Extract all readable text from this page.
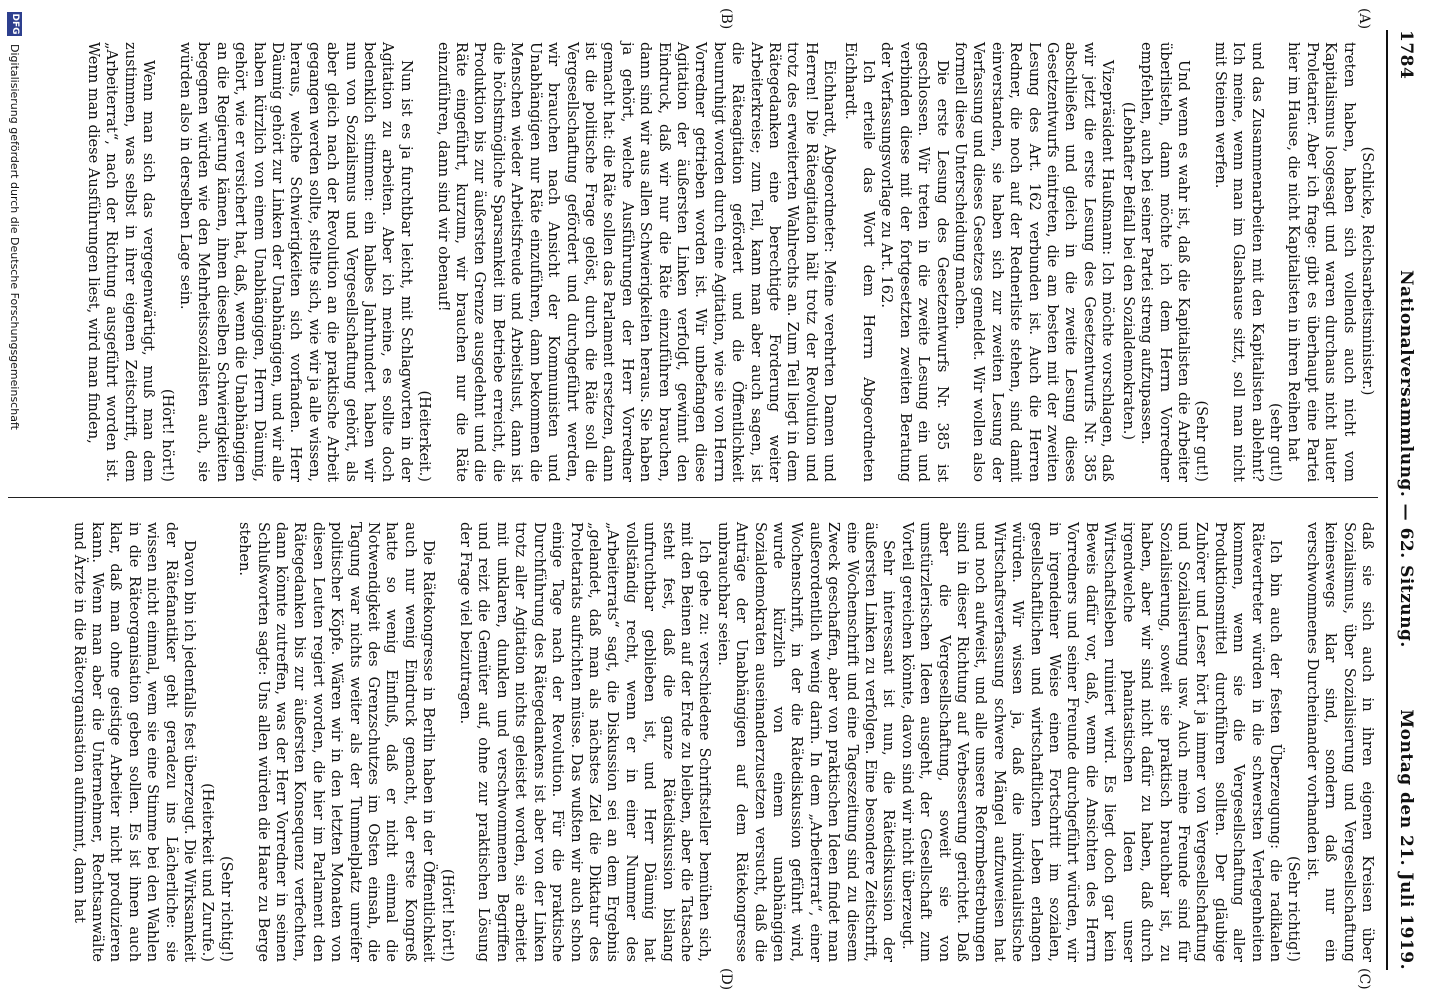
1784
Nationalversammlung. — 62. Sitzung.
Montag den 21. Juli 1919.
(A)
(B)
(C)
(D)

(Schlicke, Reichsarbeitsminister.)

treten haben, haben sich vollends auch nicht vom Kapitalismus losgesagt und waren durchaus nicht lauter Proletarier. Aber ich frage: gibt es überhaupt eine Partei hier im Hause, die nicht Kapitalisten in ihren Reihen hat

(sehr gut!)

und das Zusammenarbeiten mit den Kapitalisten ablehnt? Ich meine, wenn man im Glashause sitzt, soll man nicht mit Steinen werfen.

(Sehr gut!)

Und wenn es wahr ist, daß die Kapitalisten die Arbeiter überlisteln, dann möchte ich dem Herrn Vorredner empfehlen, auch bei seiner Partei streng aufzupassen.

(Lebhafter Beifall bei den Sozialdemokraten.)

Vizepräsident Haußmann: Ich möchte vorschlagen, daß wir jetzt die erste Lesung des Gesetzentwurfs Nr. 385 abschließen und gleich in die zweite Lesung dieses Gesetzentwurfs eintreten, die am besten mit der zweiten Lesung des Art. 162 verbunden ist. Auch die Herren Redner, die noch auf der Rednerliste stehen, sind damit einverstanden, sie haben sich zur zweiten Lesung der Verfassung und dieses Gesetzes gemeldet. Wir wollen also formell diese Unterscheidung machen.

Die erste Lesung des Gesetzentwurfs Nr. 385 ist geschlossen. Wir treten in die zweite Lesung ein und verbinden diese mit der fortgesetzten zweiten Beratung der Verfassungsvorlage zu Art. 162.

Ich erteile das Wort dem Herrn Abgeordneten Eichhardt.

Eichhardt, Abgeordneter: Meine verehrten Damen und Herren! Die Räteagitation hält trotz der Revolution und trotz des erweiterten Wahlrechts an. Zum Teil liegt in dem Rätegedanken eine berechtigte Forderung weiter Arbeiterkreise; zum Teil, kann man aber auch sagen, ist die Räteagitation gefördert und die Öffentlichkeit beunruhigt worden durch eine Agitation, wie sie von Herrn Vorredner getrieben worden ist. Wir unbefangen diese Agitation der äußersten Linken verfolgt, gewinnt den Eindruck, daß wir nur die Räte einzuführen brauchen, dann sind wir aus allen Schwierigkeiten heraus. Sie haben ja gehört, welche Ausführungen der Herr Vorredner gemacht hat: die Räte sollen das Parlament ersetzen, dann ist die politische Frage gelöst, durch die Räte soll die Vergesellschaftung gefördert und durchgeführt werden, wir brauchen nach Ansicht der Kommunisten und Unabhängigen nur Räte einzuführen, dann bekommen die Menschen wieder Arbeitsfreude und Arbeitslust, dann ist die höchstmögliche Sparsamkeit im Betriebe erreicht, die Produktion bis zur äußersten Grenze ausgedehnt und die Räte eingeführt, kurzum, wir brauchen nur die Räte einzuführen, dann sind wir obenauf!

(Heiterkeit.)

Nun ist es ja furchtbar leicht, mit Schlagworten in der Agitation zu arbeiten. Aber ich meine, es sollte doch bedenklich stimmen: ein halbes Jahrhundert haben wir nun von Sozialismus und Vergesellschaftung gehört, als aber gleich nach der Revolution an die praktische Arbeit gegangen werden sollte, stellte sich, wie wir ja alle wissen, heraus, welche Schwierigkeiten sich vorfanden. Herr Däumig gehört zur Linken der Unabhängigen, und wir alle haben kürzlich von einem Unabhängigen, Herrn Däumig, gehört, wie er versichert hat, daß, wenn die Unabhängigen an die Regierung kämen, ihnen dieselben Schwierigkeiten begegnen würden wie den Mehrheitssozialisten auch, sie würden also in derselben Lage sein.

(Hört! hört!)

Wenn man sich das vergegenwärtigt, muß man dem zustimmen, was selbst in ihrer eigenen Zeitschrift, dem „Arbeiterrat“, nach der Richtung ausgeführt worden ist. Wenn man diese Ausführungen liest, wird man finden,

daß sie sich auch in ihren eigenen Kreisen über Sozialismus, über Sozialisierung und Vergesellschaftung keineswegs klar sind, sondern daß nur ein verschwommenes Durcheinander vorhanden ist.

(Sehr richtig!)

Ich bin auch der festen Überzeugung: die radikalen Rätevertreter würden in die schwersten Verlegenheiten kommen, wenn sie die Vergesellschaftung aller Produktionsmittel durchführen sollten. Der gläubige Zuhörer und Leser hört ja immer von Vergesellschaftung und Sozialisierung usw. Auch meine Freunde sind für Sozialisierung, soweit sie praktisch brauchbar ist, zu haben, aber wir sind nicht dafür zu haben, daß durch irgendwelche phantastischen Ideen unser Wirtschaftsleben ruiniert wird. Es liegt doch gar kein Beweis dafür vor, daß, wenn die Ansichten des Herrn Vorredners und seiner Freunde durchgeführt würden, wir in irgendeiner Weise einen Fortschritt im sozialen, gesellschaftlichen und wirtschaftlichen Leben erlangen würden. Wir wissen ja, daß die individualistische Wirtschaftsverfassung schwere Mängel aufzuweisen hat und noch aufweist, und alle unsere Reformbestrebungen sind in dieser Richtung auf Verbesserung gerichtet. Daß aber die Vergesellschaftung, soweit sie von umstürzlerischen Ideen ausgeht, der Gesellschaft zum Vorteil gereichen könnte, davon sind wir nicht überzeugt.

Sehr interessant ist nun, die Rätediskussion der äußersten Linken zu verfolgen. Eine besondere Zeitschrift, eine Wochenschrift und eine Tageszeitung sind zu diesem Zweck geschaffen, aber von praktischen Ideen findet man außerordentlich wenig darin. In dem „Arbeiterrat“, einer Wochenschrift, in der die Rätediskussion geführt wird, wurde kürzlich von einem unabhängigen Sozialdemokraten auseinanderzusetzen versucht, daß die Anträge der Unabhängigen auf dem Rätekongresse unbrauchbar seien.

Ich gehe zu: verschiedene Schriftsteller bemühen sich, mit den Beinen auf der Erde zu bleiben, aber die Tatsache steht fest, daß die ganze Rätediskussion bislang unfruchtbar geblieben ist, und Herr Däumig hat vollständig recht, wenn er in einer Nummer des „Arbeiterrats“ sagt, die Diskussion sei an dem Ergebnis „gelandet, daß man als nächstes Ziel die Diktatur des Proletariats aufrichten müsse. Das wußten wir auch schon einige Tage nach der Revolution. Für die praktische Durchführung des Rätegedankens ist aber von der Linken trotz aller Agitation nichts geleistet worden, sie arbeitet mit unklaren, dunklen und verschwommenen Begriffen und reizt die Gemüter auf, ohne zur praktischen Lösung der Frage viel beizutragen.

(Hört! hört!)

Die Rätekongresse in Berlin haben in der Öffentlichkeit auch nur wenig Eindruck gemacht, der erste Kongreß hatte so wenig Einfluß, daß er nicht einmal die Notwendigkeit des Grenzschutzes im Osten einsah, die Tagung war nichts weiter als der Tummelplatz unreifer politischer Köpfe. Wären wir in den letzten Monaten von diesen Leuten regiert worden, die hier im Parlament den Rätegedanken bis zur äußersten Konsequenz verfechten, dann könnte zutreffen, was der Herr Vorredner in seinen Schlußworten sagte: Uns allen würden die Haare zu Berge stehen.

(Sehr richtig!)

(Heiterkeit und Zurufe.)

Davon bin ich jedenfalls fest überzeugt. Die Wirksamkeit der Rätefanatiker geht geradezu ins Lächerliche: sie wissen nicht einmal, wem sie eine Stimme bei den Wahlen in die Räteorganisation geben sollen. Es ist ihnen auch klar, daß man ohne geistige Arbeiter nicht produzieren kann. Wenn man aber die Unternehmer, Rechtsanwälte und Ärzte in die Räteorganisation aufnimmt, dann hat

DFG
Digitalisierung gefördert durch die Deutsche Forschungsgemeinschaft
